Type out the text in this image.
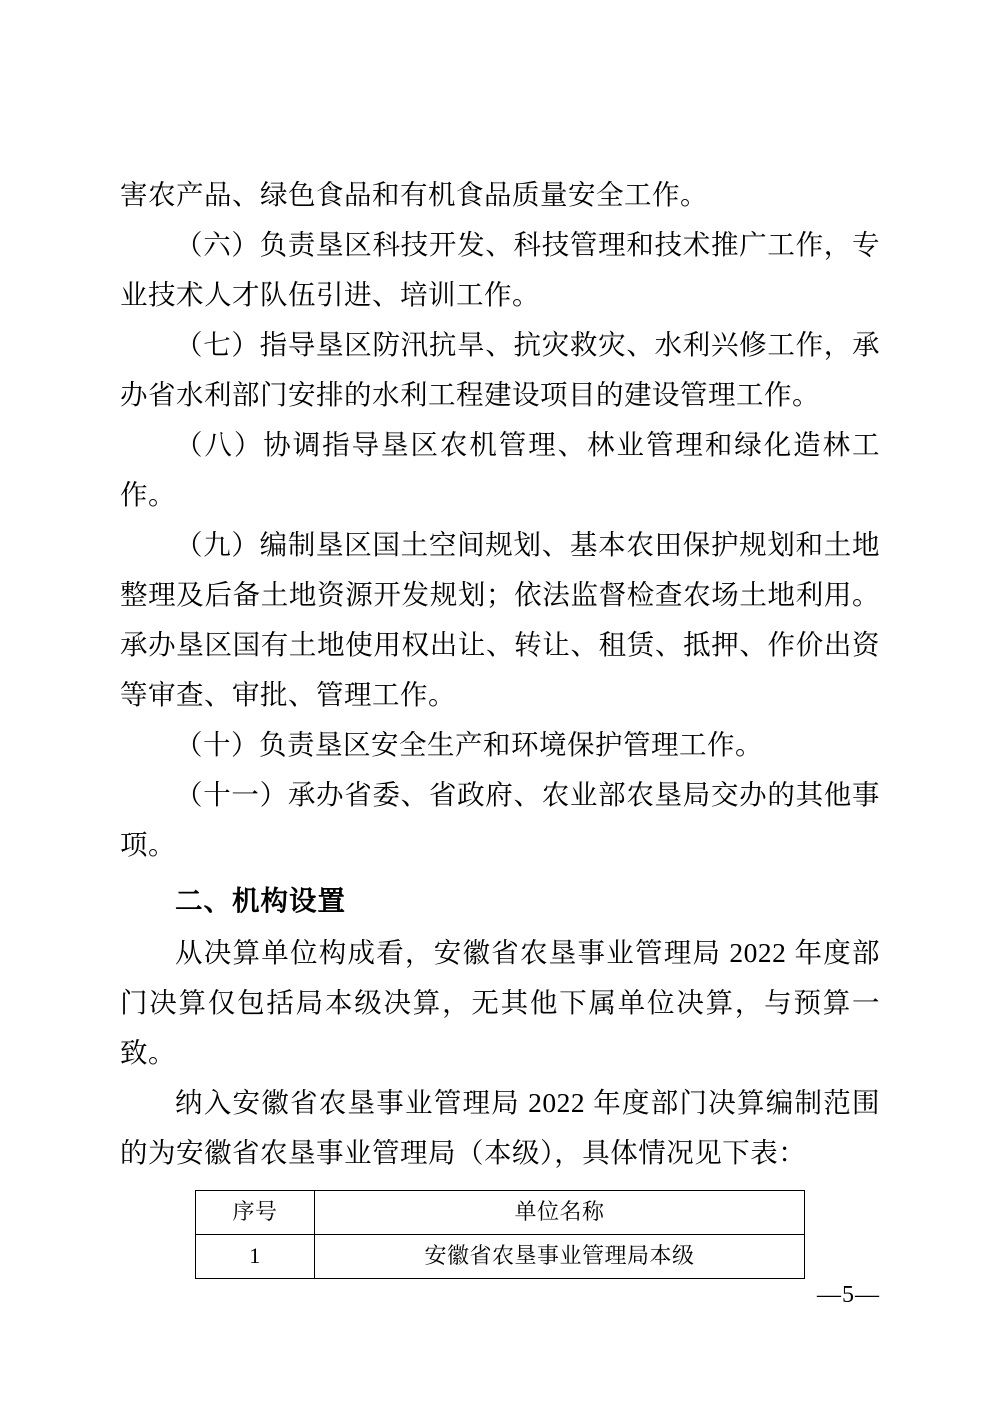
害农产品、绿色食品和有机食品质量安全工作。

（六）负责垦区科技开发、科技管理和技术推广工作，专业技术人才队伍引进、培训工作。

（七）指导垦区防汛抗旱、抗灾救灾、水利兴修工作，承办省水利部门安排的水利工程建设项目的建设管理工作。

（八）协调指导垦区农机管理、林业管理和绿化造林工作。

（九）编制垦区国土空间规划、基本农田保护规划和土地整理及后备土地资源开发规划；依法监督检查农场土地利用。承办垦区国有土地使用权出让、转让、租赁、抵押、作价出资等审查、审批、管理工作。

（十）负责垦区安全生产和环境保护管理工作。

（十一）承办省委、省政府、农业部农垦局交办的其他事项。

二、机构设置

从决算单位构成看，安徽省农垦事业管理局 2022 年度部门决算仅包括局本级决算，无其他下属单位决算，与预算一致。

纳入安徽省农垦事业管理局 2022 年度部门决算编制范围的为安徽省农垦事业管理局（本级），具体情况见下表：

序号	单位名称
1	安徽省农垦事业管理局本级
—5—
